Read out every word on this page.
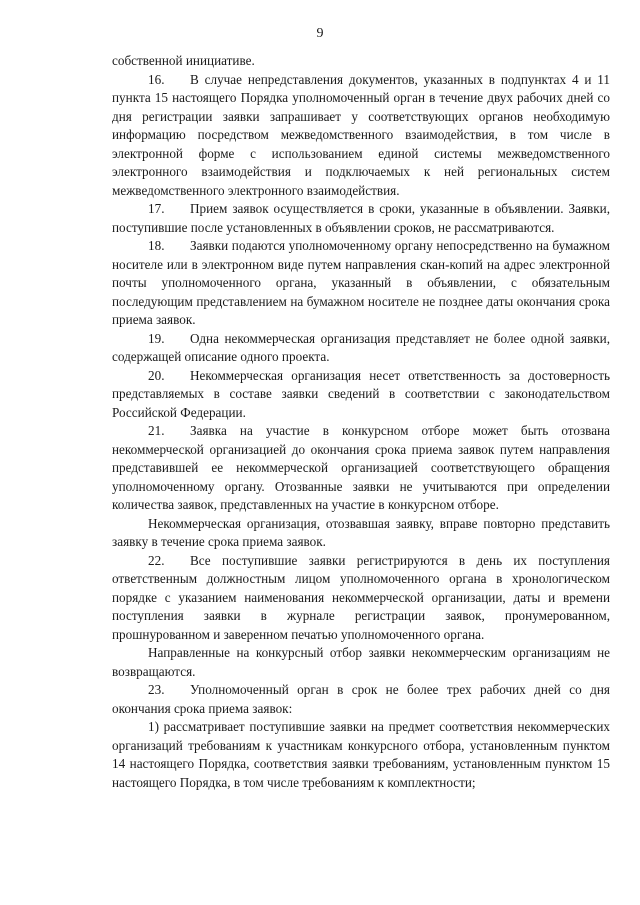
9

собственной инициативе.

16. В случае непредставления документов, указанных в подпунктах 4 и 11 пункта 15 настоящего Порядка уполномоченный орган в течение двух рабочих дней со дня регистрации заявки запрашивает у соответствующих органов необходимую информацию посредством межведомственного взаимодействия, в том числе в электронной форме с использованием единой системы межведомственного электронного взаимодействия и подключаемых к ней региональных систем межведомственного электронного взаимодействия.

17. Прием заявок осуществляется в сроки, указанные в объявлении. Заявки, поступившие после установленных в объявлении сроков, не рассматриваются.

18. Заявки подаются уполномоченному органу непосредственно на бумажном носителе или в электронном виде путем направления скан-копий на адрес электронной почты уполномоченного органа, указанный в объявлении, с обязательным последующим представлением на бумажном носителе не позднее даты окончания срока приема заявок.

19. Одна некоммерческая организация представляет не более одной заявки, содержащей описание одного проекта.

20. Некоммерческая организация несет ответственность за достоверность представляемых в составе заявки сведений в соответствии с законодательством Российской Федерации.

21. Заявка на участие в конкурсном отборе может быть отозвана некоммерческой организацией до окончания срока приема заявок путем направления представившей ее некоммерческой организацией соответствующего обращения уполномоченному органу. Отозванные заявки не учитываются при определении количества заявок, представленных на участие в конкурсном отборе.

Некоммерческая организация, отозвавшая заявку, вправе повторно представить заявку в течение срока приема заявок.

22. Все поступившие заявки регистрируются в день их поступления ответственным должностным лицом уполномоченного органа в хронологическом порядке с указанием наименования некоммерческой организации, даты и времени поступления заявки в журнале регистрации заявок, пронумерованном, прошнурованном и заверенном печатью уполномоченного органа.

Направленные на конкурсный отбор заявки некоммерческим организациям не возвращаются.

23. Уполномоченный орган в срок не более трех рабочих дней со дня окончания срока приема заявок:

1) рассматривает поступившие заявки на предмет соответствия некоммерческих организаций требованиям к участникам конкурсного отбора, установленным пунктом 14 настоящего Порядка, соответствия заявки требованиям, установленным пунктом 15 настоящего Порядка, в том числе требованиям к комплектности;
